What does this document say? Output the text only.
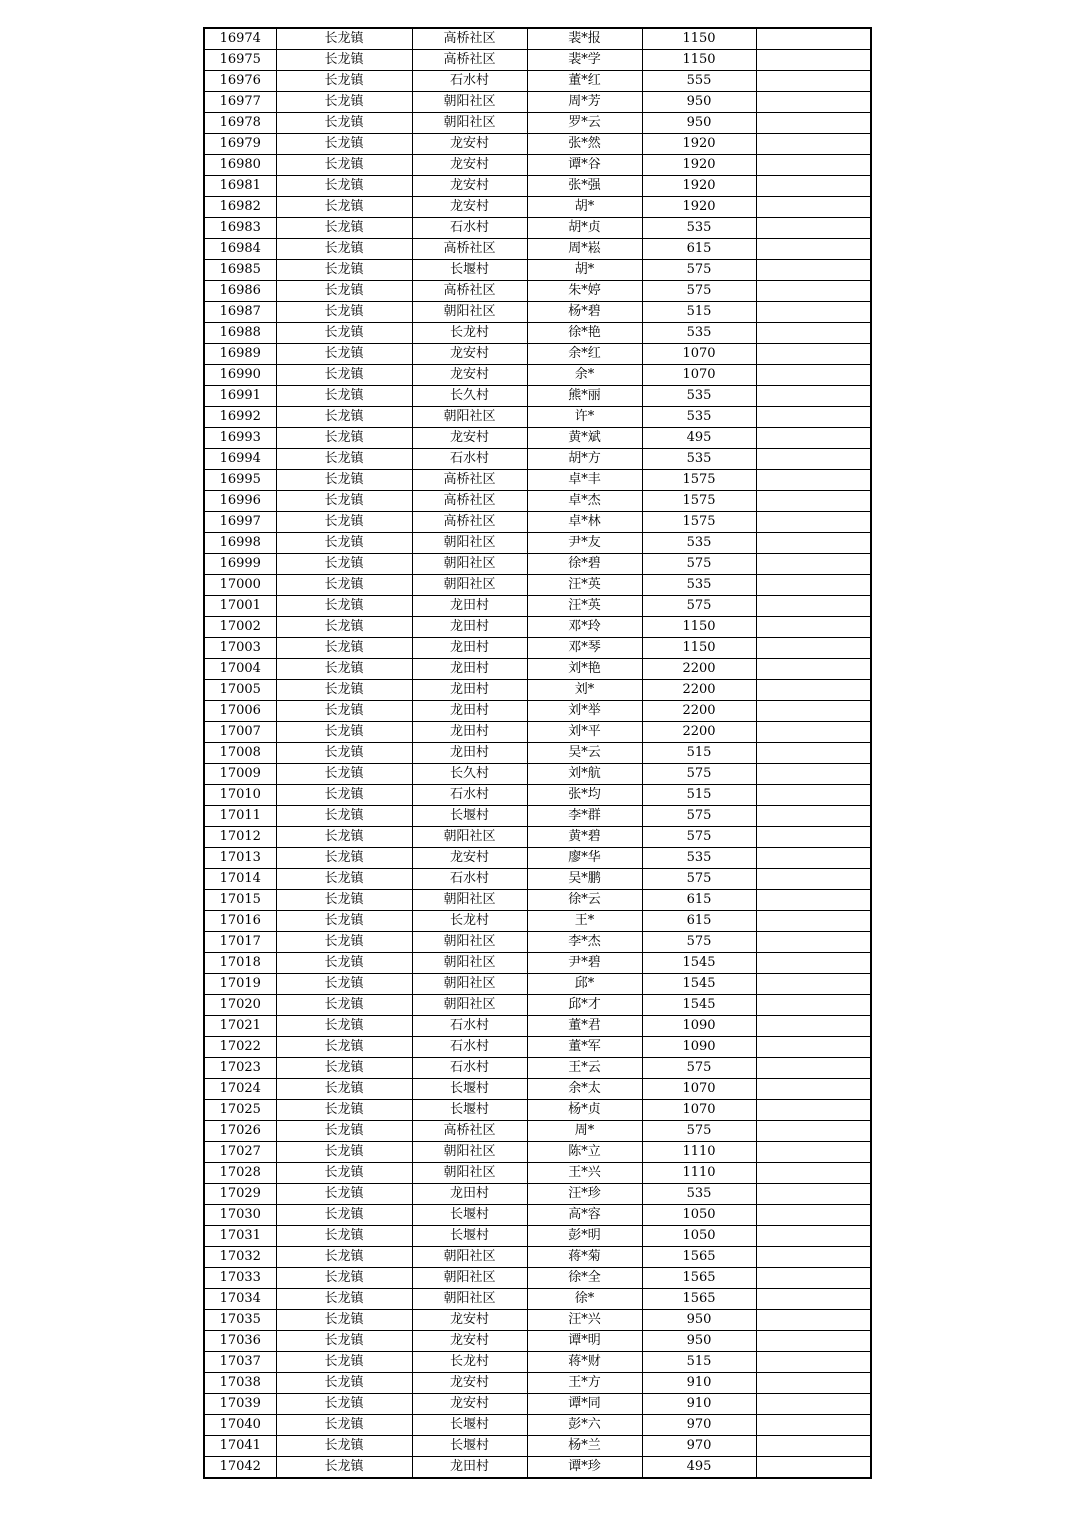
16974	长龙镇	高桥社区	裴*报	1150	
16975	长龙镇	高桥社区	裴*学	1150	
16976	长龙镇	石水村	董*红	555	
16977	长龙镇	朝阳社区	周*芳	950	
16978	长龙镇	朝阳社区	罗*云	950	
16979	长龙镇	龙安村	张*然	1920	
16980	长龙镇	龙安村	谭*谷	1920	
16981	长龙镇	龙安村	张*强	1920	
16982	长龙镇	龙安村	胡*	1920	
16983	长龙镇	石水村	胡*贞	535	
16984	长龙镇	高桥社区	周*崧	615	
16985	长龙镇	长堰村	胡*	575	
16986	长龙镇	高桥社区	朱*婷	575	
16987	长龙镇	朝阳社区	杨*碧	515	
16988	长龙镇	长龙村	徐*艳	535	
16989	长龙镇	龙安村	余*红	1070	
16990	长龙镇	龙安村	余*	1070	
16991	长龙镇	长久村	熊*丽	535	
16992	长龙镇	朝阳社区	许*	535	
16993	长龙镇	龙安村	黄*斌	495	
16994	长龙镇	石水村	胡*方	535	
16995	长龙镇	高桥社区	卓*丰	1575	
16996	长龙镇	高桥社区	卓*杰	1575	
16997	长龙镇	高桥社区	卓*林	1575	
16998	长龙镇	朝阳社区	尹*友	535	
16999	长龙镇	朝阳社区	徐*碧	575	
17000	长龙镇	朝阳社区	汪*英	535	
17001	长龙镇	龙田村	汪*英	575	
17002	长龙镇	龙田村	邓*玲	1150	
17003	长龙镇	龙田村	邓*琴	1150	
17004	长龙镇	龙田村	刘*艳	2200	
17005	长龙镇	龙田村	刘*	2200	
17006	长龙镇	龙田村	刘*举	2200	
17007	长龙镇	龙田村	刘*平	2200	
17008	长龙镇	龙田村	吴*云	515	
17009	长龙镇	长久村	刘*航	575	
17010	长龙镇	石水村	张*均	515	
17011	长龙镇	长堰村	李*群	575	
17012	长龙镇	朝阳社区	黄*碧	575	
17013	长龙镇	龙安村	廖*华	535	
17014	长龙镇	石水村	吴*鹏	575	
17015	长龙镇	朝阳社区	徐*云	615	
17016	长龙镇	长龙村	王*	615	
17017	长龙镇	朝阳社区	李*杰	575	
17018	长龙镇	朝阳社区	尹*碧	1545	
17019	长龙镇	朝阳社区	邱*	1545	
17020	长龙镇	朝阳社区	邱*才	1545	
17021	长龙镇	石水村	董*君	1090	
17022	长龙镇	石水村	董*军	1090	
17023	长龙镇	石水村	王*云	575	
17024	长龙镇	长堰村	余*太	1070	
17025	长龙镇	长堰村	杨*贞	1070	
17026	长龙镇	高桥社区	周*	575	
17027	长龙镇	朝阳社区	陈*立	1110	
17028	长龙镇	朝阳社区	王*兴	1110	
17029	长龙镇	龙田村	汪*珍	535	
17030	长龙镇	长堰村	高*容	1050	
17031	长龙镇	长堰村	彭*明	1050	
17032	长龙镇	朝阳社区	蒋*菊	1565	
17033	长龙镇	朝阳社区	徐*全	1565	
17034	长龙镇	朝阳社区	徐*	1565	
17035	长龙镇	龙安村	汪*兴	950	
17036	长龙镇	龙安村	谭*明	950	
17037	长龙镇	长龙村	蒋*财	515	
17038	长龙镇	龙安村	王*方	910	
17039	长龙镇	龙安村	谭*同	910	
17040	长龙镇	长堰村	彭*六	970	
17041	长龙镇	长堰村	杨*兰	970	
17042	长龙镇	龙田村	谭*珍	495	
